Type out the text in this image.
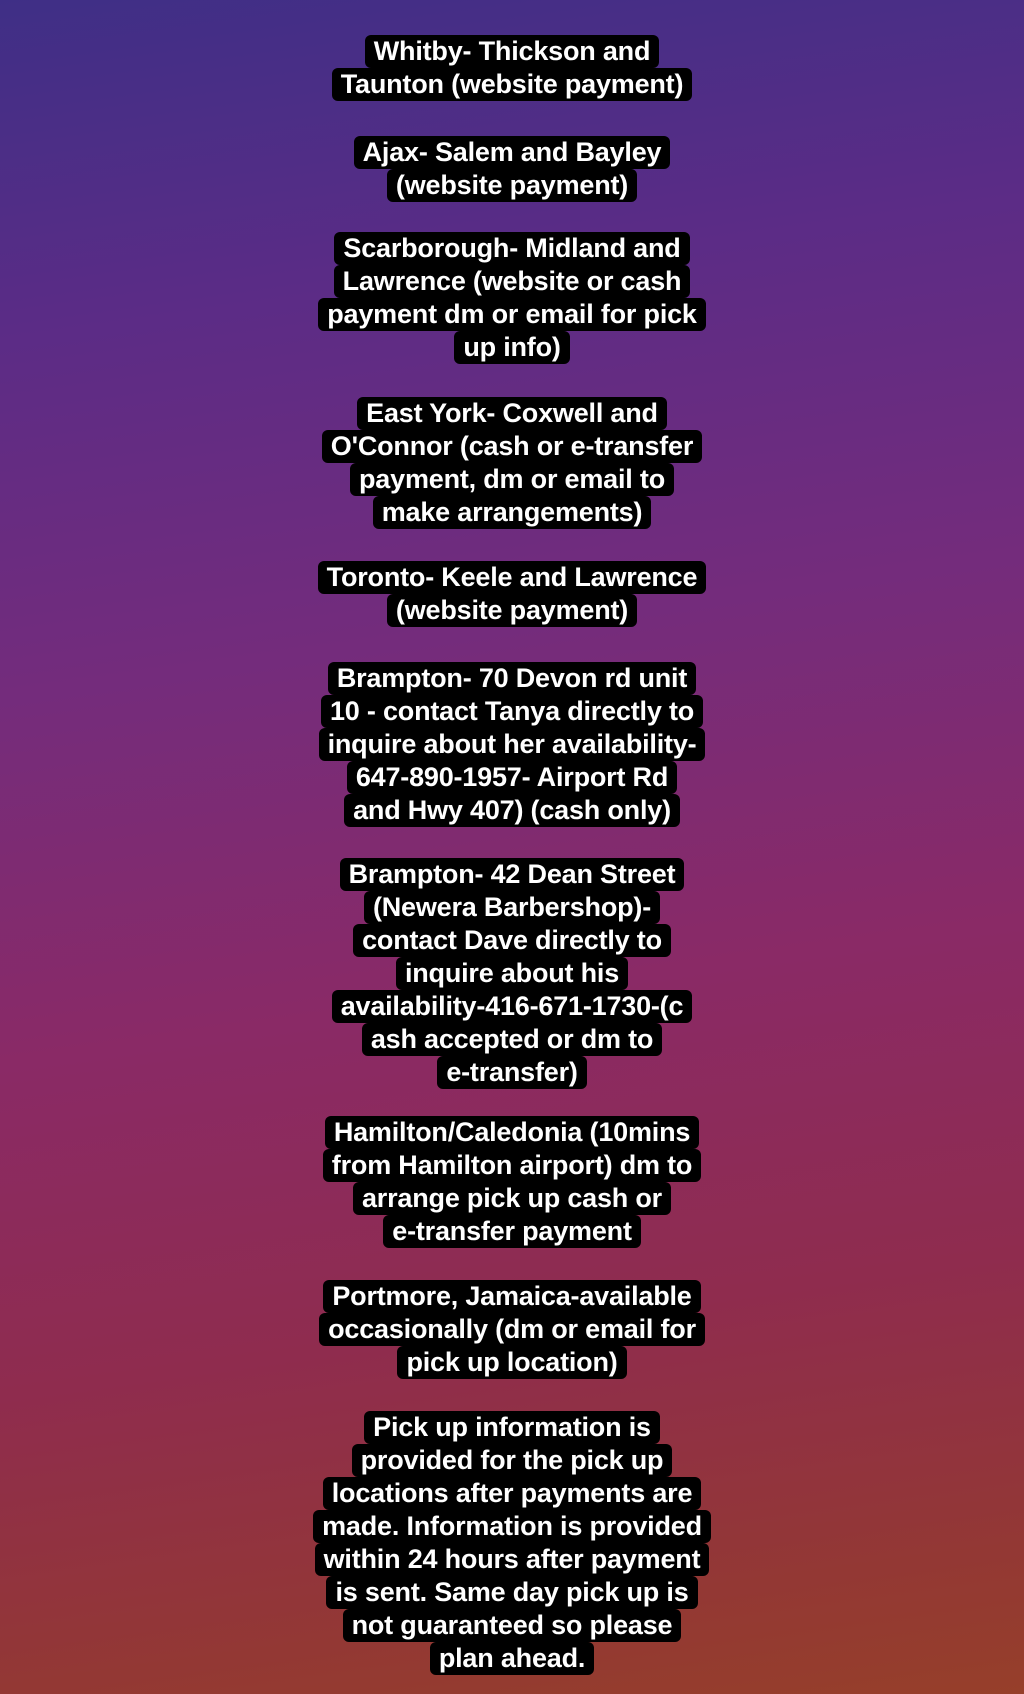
Whitby- Thickson and
Taunton (website payment)
Ajax- Salem and Bayley
(website payment)
Scarborough- Midland and
Lawrence (website or cash
payment dm or email for pick
up info)
East York- Coxwell and
O'Connor (cash or e-transfer
payment, dm or email to
make arrangements)
Toronto- Keele and Lawrence
(website payment)
Brampton- 70 Devon rd unit
10 - contact Tanya directly to
inquire about her availability-
647-890-1957- Airport Rd
and Hwy 407) (cash only)
Brampton- 42 Dean Street
(Newera Barbershop)-
contact Dave directly to
inquire about his
availability-416-671-1730-(c
ash accepted or dm to
e-transfer)
Hamilton/Caledonia (10mins
from Hamilton airport) dm to
arrange pick up cash or
e-transfer payment
Portmore, Jamaica-available
occasionally (dm or email for
pick up location)
Pick up information is
provided for the pick up
locations after payments are
made. Information is provided
within 24 hours after payment
is sent. Same day pick up is
not guaranteed so please
plan ahead.
